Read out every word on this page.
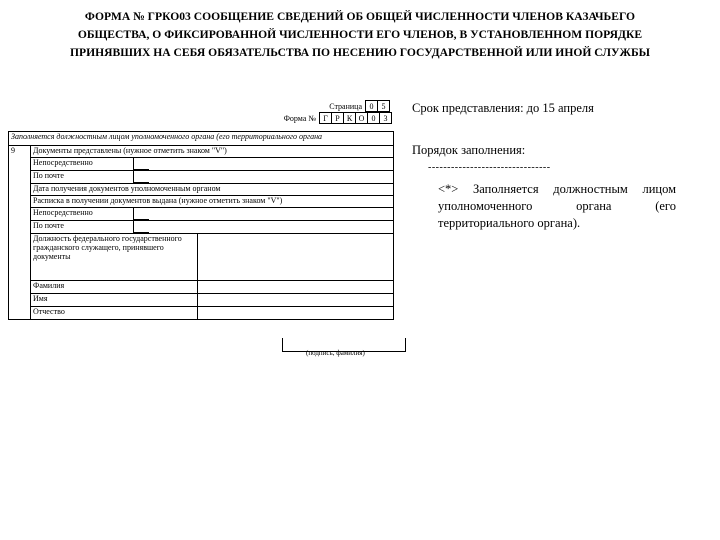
ФОРМА № ГРКО03 СООБЩЕНИЕ СВЕДЕНИЙ ОБ ОБЩЕЙ ЧИСЛЕННОСТИ ЧЛЕНОВ КАЗАЧЬЕГО
ОБЩЕСТВА, О ФИКСИРОВАННОЙ ЧИСЛЕННОСТИ ЕГО ЧЛЕНОВ, В УСТАНОВЛЕННОМ ПОРЯДКЕ
ПРИНЯВШИХ НА СЕБЯ ОБЯЗАТЕЛЬСТВА ПО НЕСЕНИЮ ГОСУДАРСТВЕННОЙ ИЛИ ИНОЙ СЛУЖБЫ
Страница 0	5
Форма № Г Р К О 0	3
Заполняется должностным лицом уполномоченного органа (его территориального органа
9	Документы представлены (нужное отметить знаком "V")

Непосредственно

По почте

Дата получения документов уполномоченным органом
Расписка в получении документов выдана (нужное отметить знаком "V")

Непосредственно

По почте

Должность федерального государственного гражданского служащего, принявшего документы

Фамилия

Имя

Отчество
(подпись, фамилия)
Срок представления: до 15 апреля
Порядок заполнения:
--------------------------------
<*> Заполняется должностным лицом уполномоченного органа (его территориального органа).
